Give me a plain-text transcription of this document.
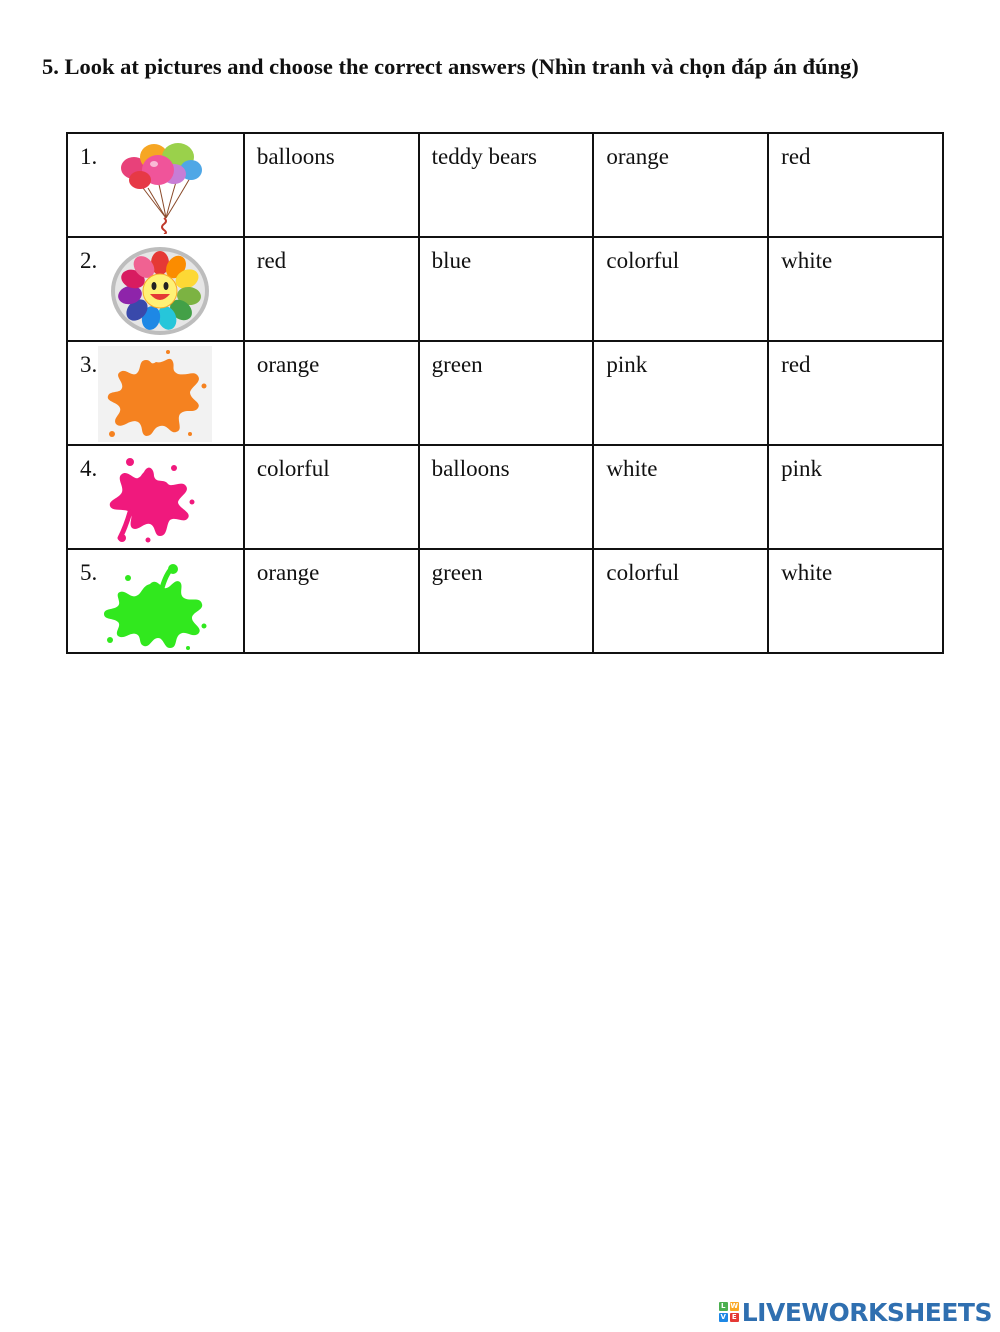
5. Look at pictures and choose the correct answers (Nhìn tranh và chọn đáp án đúng)
1.	balloons	teddy bears	orange	red

2.	red	blue	colorful	white

3.	orange	green	pink	red

4.	colorful	balloons	white	pink

5.	orange	green	colorful	white
L W
V E LIVEWORKSHEETS
